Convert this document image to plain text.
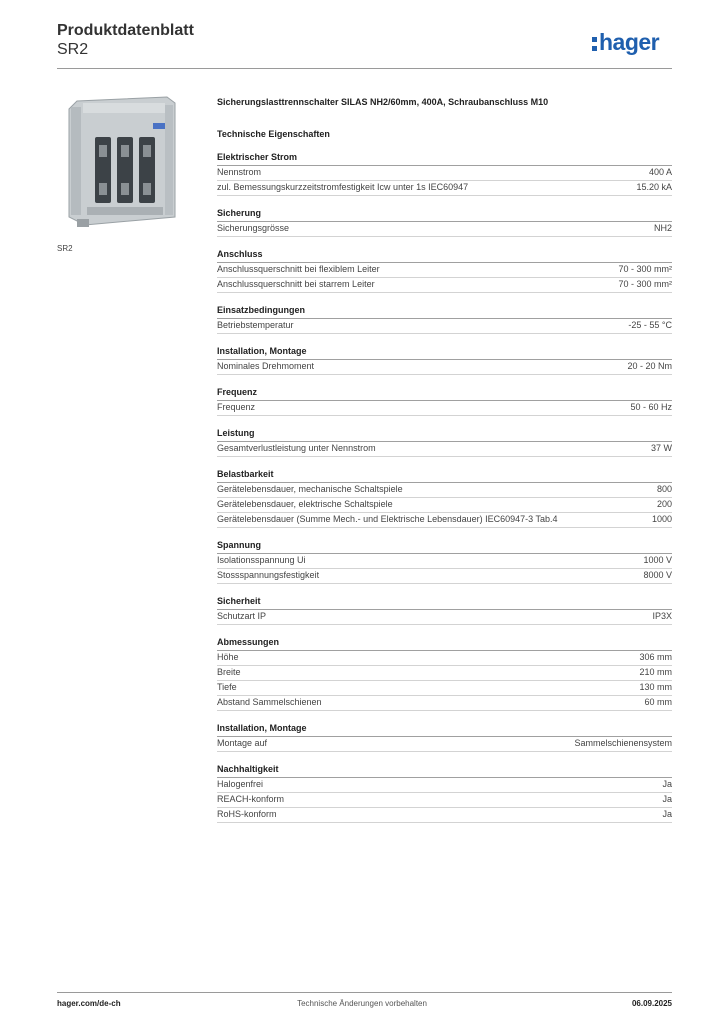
Produktdatenblatt
SR2	hager
SR2
Sicherungslasttrennschalter SILAS NH2/60mm, 400A, Schraubanschluss M10
Technische Eigenschaften
Elektrischer Strom
Nennstrom	400 A
zul. Bemessungskurzzeitstromfestigkeit Icw unter 1s IEC60947	15.20 kA
Sicherung
Sicherungsgrösse	NH2
Anschluss
Anschlussquerschnitt bei flexiblem Leiter	70 - 300 mm²
Anschlussquerschnitt bei starrem Leiter	70 - 300 mm²
Einsatzbedingungen
Betriebstemperatur	-25 - 55 °C
Installation, Montage
Nominales Drehmoment	20 - 20 Nm
Frequenz
Frequenz	50 - 60 Hz
Leistung
Gesamtverlustleistung unter Nennstrom	37 W
Belastbarkeit
Gerätelebensdauer, mechanische Schaltspiele	800
Gerätelebensdauer, elektrische Schaltspiele	200
Gerätelebensdauer (Summe Mech.- und Elektrische Lebensdauer) IEC60947-3 Tab.4	1000
Spannung
Isolationsspannung Ui	1000 V
Stossspannungsfestigkeit	8000 V
Sicherheit
Schutzart IP	IP3X
Abmessungen
Höhe	306 mm
Breite	210 mm
Tiefe	130 mm
Abstand Sammelschienen	60 mm
Installation, Montage
Montage auf	Sammelschienensystem
Nachhaltigkeit
Halogenfrei	Ja
REACH-konform	Ja
RoHS-konform	Ja
hager.com/de-ch	Technische Änderungen vorbehalten	06.09.2025
